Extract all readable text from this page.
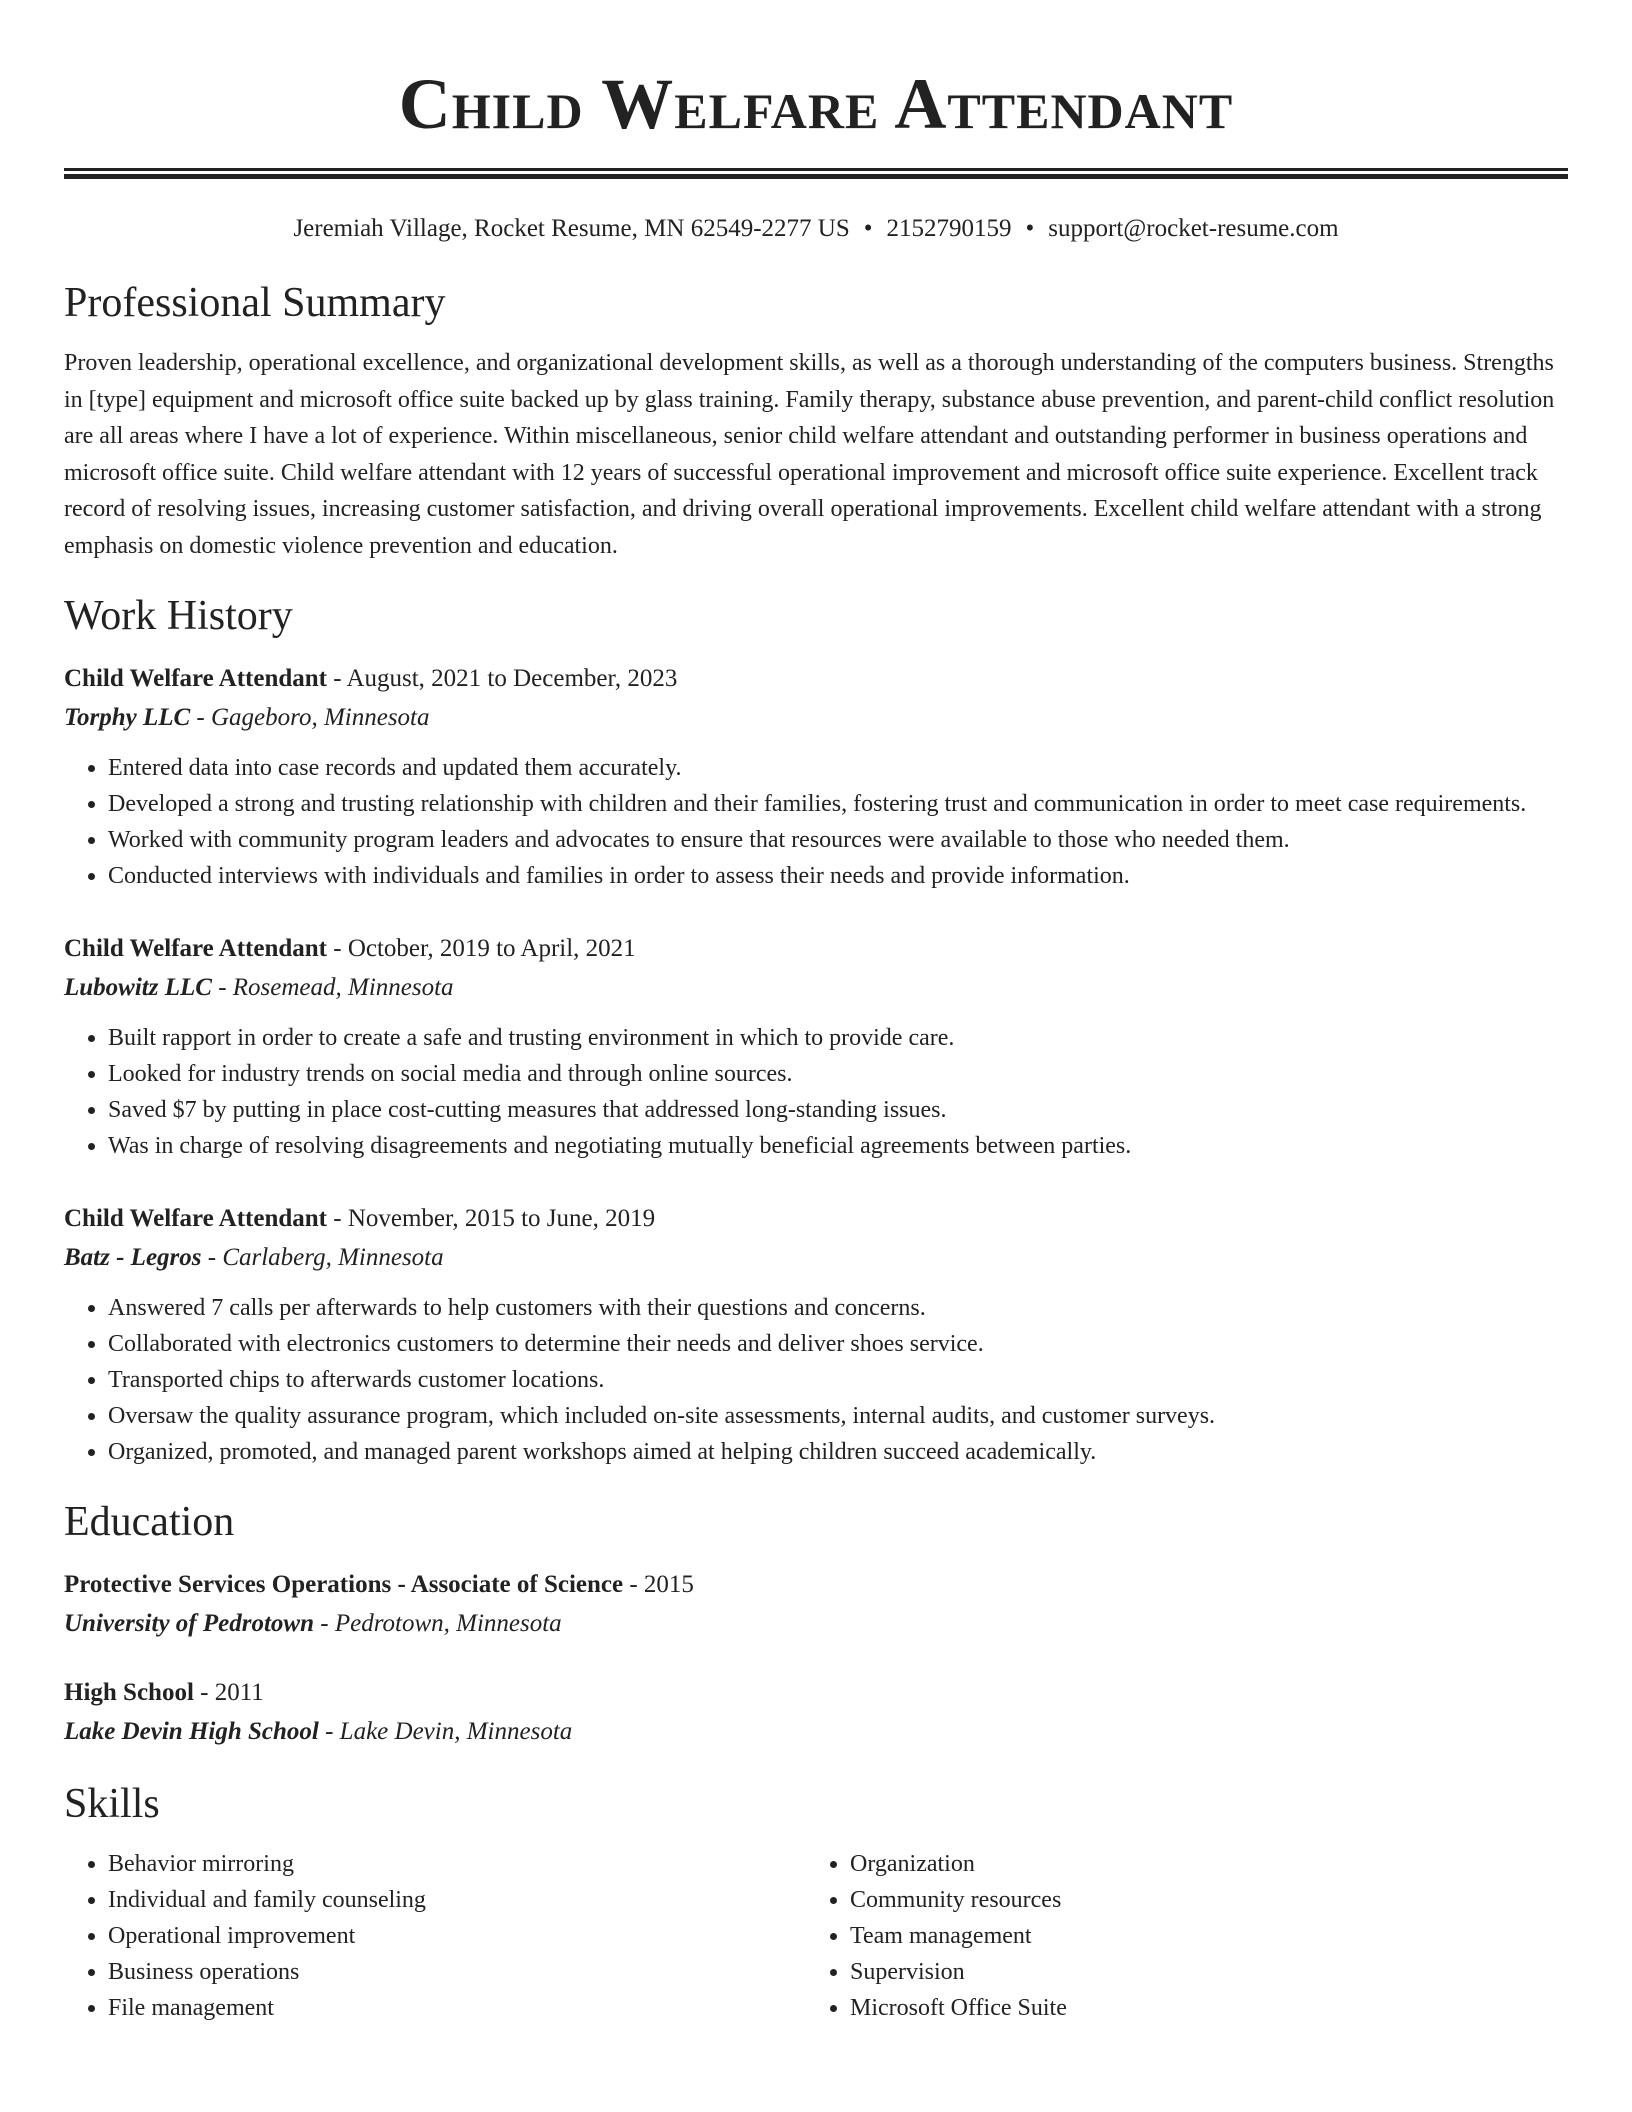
Child Welfare Attendant
Jeremiah Village, Rocket Resume, MN 62549-2277 US • 2152790159 • support@rocket-resume.com
Professional Summary

Proven leadership, operational excellence, and organizational development skills, as well as a thorough understanding of the computers business. Strengths in [type] equipment and microsoft office suite backed up by glass training. Family therapy, substance abuse prevention, and parent-child conflict resolution are all areas where I have a lot of experience. Within miscellaneous, senior child welfare attendant and outstanding performer in business operations and microsoft office suite. Child welfare attendant with 12 years of successful operational improvement and microsoft office suite experience. Excellent track record of resolving issues, increasing customer satisfaction, and driving overall operational improvements. Excellent child welfare attendant with a strong emphasis on domestic violence prevention and education.

Work History
Child Welfare Attendant - August, 2021 to December, 2023
Torphy LLC - Gageboro, Minnesota
• Entered data into case records and updated them accurately.
• Developed a strong and trusting relationship with children and their families, fostering trust and communication in order to meet case requirements.
• Worked with community program leaders and advocates to ensure that resources were available to those who needed them.
• Conducted interviews with individuals and families in order to assess their needs and provide information.
Child Welfare Attendant - October, 2019 to April, 2021
Lubowitz LLC - Rosemead, Minnesota
• Built rapport in order to create a safe and trusting environment in which to provide care.
• Looked for industry trends on social media and through online sources.
• Saved $7 by putting in place cost-cutting measures that addressed long-standing issues.
• Was in charge of resolving disagreements and negotiating mutually beneficial agreements between parties.
Child Welfare Attendant - November, 2015 to June, 2019
Batz - Legros - Carlaberg, Minnesota
• Answered 7 calls per afterwards to help customers with their questions and concerns.
• Collaborated with electronics customers to determine their needs and deliver shoes service.
• Transported chips to afterwards customer locations.
• Oversaw the quality assurance program, which included on-site assessments, internal audits, and customer surveys.
• Organized, promoted, and managed parent workshops aimed at helping children succeed academically.
Education
Protective Services Operations - Associate of Science - 2015
University of Pedrotown - Pedrotown, Minnesota
High School - 2011
Lake Devin High School - Lake Devin, Minnesota
Skills
• Behavior mirroring
• Individual and family counseling
• Operational improvement
• Business operations
• File management
• Organization
• Community resources
• Team management
• Supervision
• Microsoft Office Suite
